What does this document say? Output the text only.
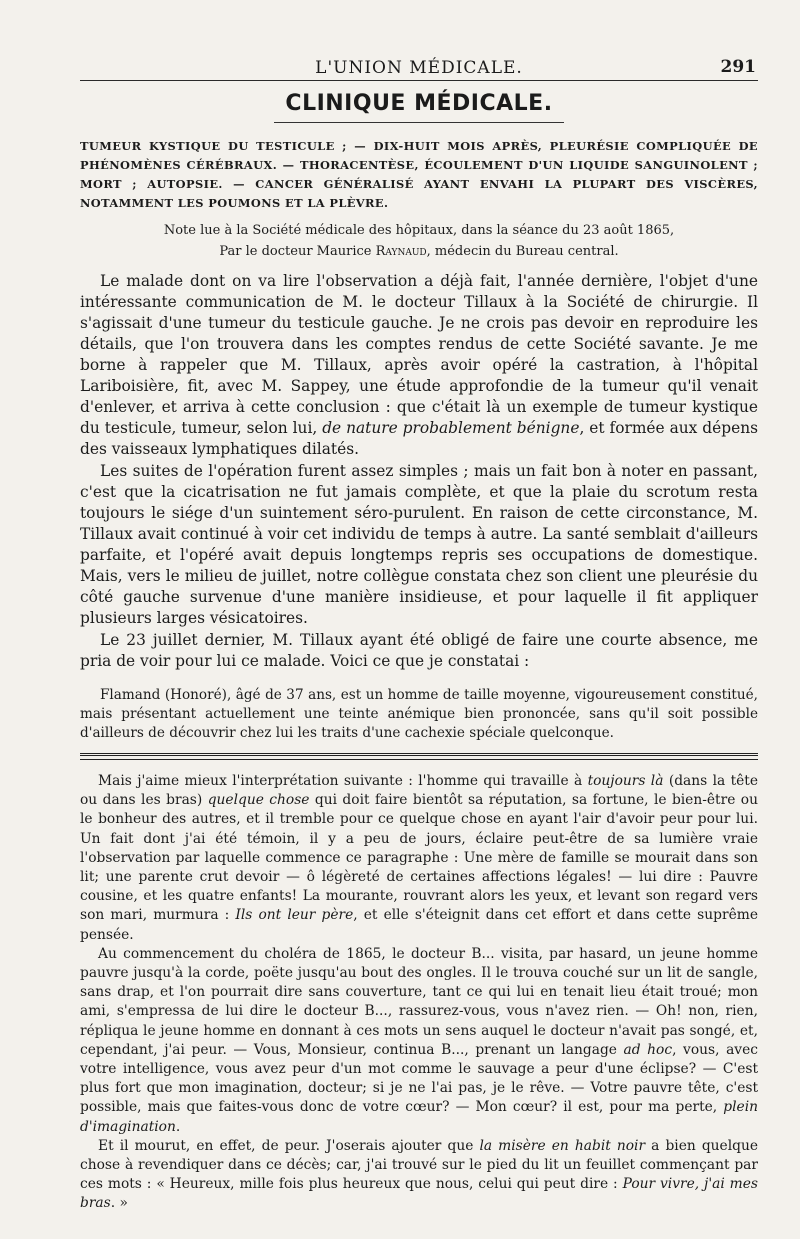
L'UNION MÉDICALE.	291
CLINIQUE MÉDICALE.

TUMEUR KYSTIQUE DU TESTICULE ; — DIX-HUIT MOIS APRÈS, PLEURÉSIE COMPLIQUÉE DE PHÉNOMÈNES CÉRÉBRAUX. — THORACENTÈSE, ÉCOULEMENT D'UN LIQUIDE SANGUINOLENT ; MORT ; AUTOPSIE. — CANCER GÉNÉRALISÉ AYANT ENVAHI LA PLUPART DES VISCÈRES, NOTAMMENT LES POUMONS ET LA PLÈVRE.

Note lue à la Société médicale des hôpitaux, dans la séance du 23 août 1865,

Par le docteur Maurice Raynaud, médecin du Bureau central.

Le malade dont on va lire l'observation a déjà fait, l'année dernière, l'objet d'une intéressante communication de M. le docteur Tillaux à la Société de chirurgie. Il s'agissait d'une tumeur du testicule gauche. Je ne crois pas devoir en reproduire les détails, que l'on trouvera dans les comptes rendus de cette Société savante. Je me borne à rappeler que M. Tillaux, après avoir opéré la castration, à l'hôpital Lariboisière, fit, avec M. Sappey, une étude approfondie de la tumeur qu'il venait d'enlever, et arriva à cette conclusion : que c'était là un exemple de tumeur kystique du testicule, tumeur, selon lui, de nature probablement bénigne, et formée aux dépens des vaisseaux lymphatiques dilatés.

Les suites de l'opération furent assez simples ; mais un fait bon à noter en passant, c'est que la cicatrisation ne fut jamais complète, et que la plaie du scrotum resta toujours le siége d'un suintement séro-purulent. En raison de cette circonstance, M. Tillaux avait continué à voir cet individu de temps à autre. La santé semblait d'ailleurs parfaite, et l'opéré avait depuis longtemps repris ses occupations de domestique. Mais, vers le milieu de juillet, notre collègue constata chez son client une pleurésie du côté gauche survenue d'une manière insidieuse, et pour laquelle il fit appliquer plusieurs larges vésicatoires.

Le 23 juillet dernier, M. Tillaux ayant été obligé de faire une courte absence, me pria de voir pour lui ce malade. Voici ce que je constatai :

Flamand (Honoré), âgé de 37 ans, est un homme de taille moyenne, vigoureusement constitué, mais présentant actuellement une teinte anémique bien prononcée, sans qu'il soit possible d'ailleurs de découvrir chez lui les traits d'une cachexie spéciale quelconque.

Mais j'aime mieux l'interprétation suivante : l'homme qui travaille à toujours là (dans la tête ou dans les bras) quelque chose qui doit faire bientôt sa réputation, sa fortune, le bien-être ou le bonheur des autres, et il tremble pour ce quelque chose en ayant l'air d'avoir peur pour lui. Un fait dont j'ai été témoin, il y a peu de jours, éclaire peut-être de sa lumière vraie l'observation par laquelle commence ce paragraphe : Une mère de famille se mourait dans son lit; une parente crut devoir — ô légèreté de certaines affections légales! — lui dire : Pauvre cousine, et les quatre enfants! La mourante, rouvrant alors les yeux, et levant son regard vers son mari, murmura : Ils ont leur père, et elle s'éteignit dans cet effort et dans cette suprême pensée.

Au commencement du choléra de 1865, le docteur B... visita, par hasard, un jeune homme pauvre jusqu'à la corde, poëte jusqu'au bout des ongles. Il le trouva couché sur un lit de sangle, sans drap, et l'on pourrait dire sans couverture, tant ce qui lui en tenait lieu était troué; mon ami, s'empressa de lui dire le docteur B..., rassurez-vous, vous n'avez rien. — Oh! non, rien, répliqua le jeune homme en donnant à ces mots un sens auquel le docteur n'avait pas songé, et, cependant, j'ai peur. — Vous, Monsieur, continua B..., prenant un langage ad hoc, vous, avec votre intelligence, vous avez peur d'un mot comme le sauvage a peur d'une éclipse? — C'est plus fort que mon imagination, docteur; si je ne l'ai pas, je le rêve. — Votre pauvre tête, c'est possible, mais que faites-vous donc de votre cœur? — Mon cœur? il est, pour ma perte, plein d'imagination.

Et il mourut, en effet, de peur. J'oserais ajouter que la misère en habit noir a bien quelque chose à revendiquer dans ce décès; car, j'ai trouvé sur le pied du lit un feuillet commençant par ces mots : « Heureux, mille fois plus heureux que nous, celui qui peut dire : Pour vivre, j'ai mes bras. »
